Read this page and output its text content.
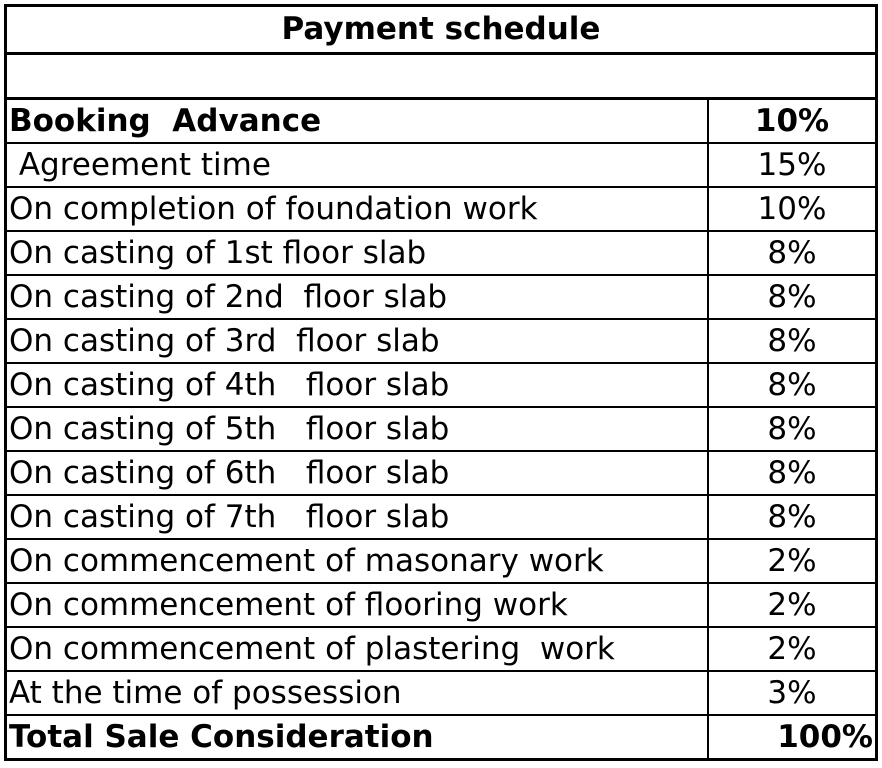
Payment schedule
Booking  Advance	10%
Agreement time	15%
On completion of foundation work	10%
On casting of 1st floor slab	8%
On casting of 2nd  floor slab	8%
On casting of 3rd  floor slab	8%
On casting of 4th   floor slab	8%
On casting of 5th   floor slab	8%
On casting of 6th   floor slab	8%
On casting of 7th   floor slab	8%
On commencement of masonary work	2%
On commencement of flooring work	2%
On commencement of plastering  work	2%
At the time of possession	3%
Total Sale Consideration	100%
